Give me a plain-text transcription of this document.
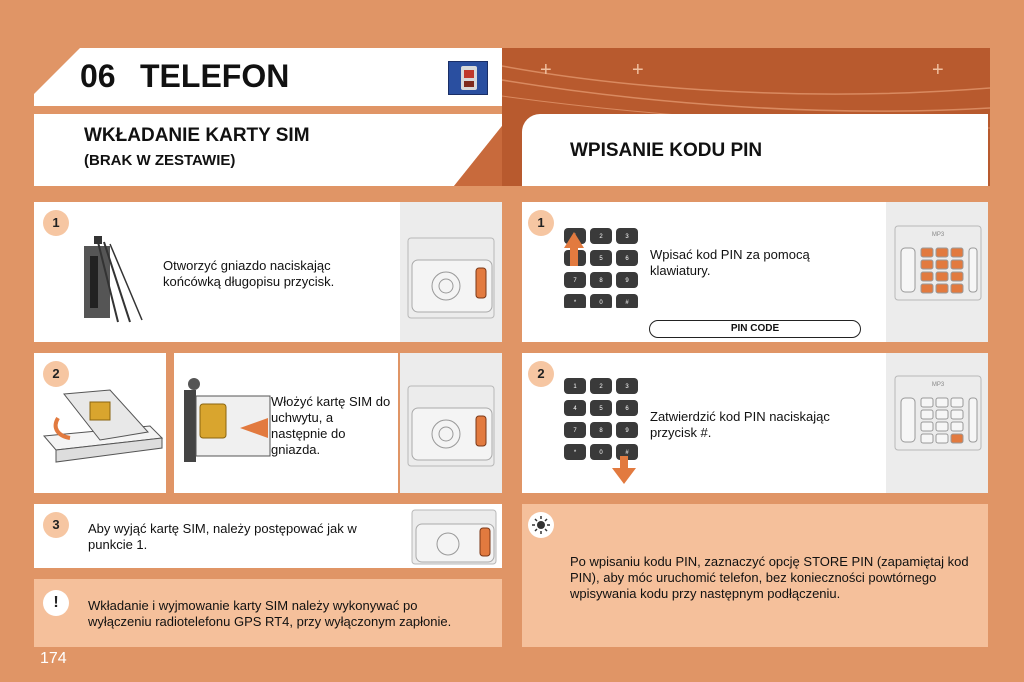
06 TELEFON	+	+	+
WKŁADANIE KARTY SIM
(BRAK W ZESTAWIE)	WPISANIE KODU PIN
1
Otworzyć gniazdo naciskając końcówką długopisu przycisk.
2
Włożyć kartę SIM do uchwytu, a następnie do gniazda.
3	Aby wyjąć kartę SIM, należy postępować jak w punkcie 1.
!	Wkładanie i wyjmowanie karty SIM należy wykonywać po wyłączeniu radiotelefonu GPS RT4, przy wyłączonym zapłonie.
1
2	3
5	6
7	8	9
*	0	#
Wpisać kod PIN za pomocą klawiatury.
PIN CODE
MP3
2
1	2	3
4	5	6
7	8	9
*	0	#
Zatwierdzić kod PIN naciskając przycisk #.
MP3
Po wpisaniu kodu PIN, zaznaczyć opcję STORE PIN (zapamiętaj kod PIN), aby móc uruchomić telefon, bez konieczności powtórnego wpisywania kodu przy następnym podłączeniu.
174
